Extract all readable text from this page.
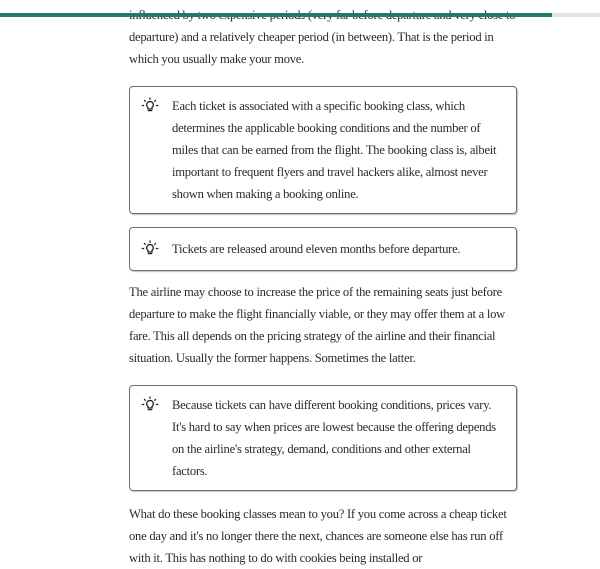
departure) and a relatively cheaper period (in between). That is the period in which you usually make your move.

Each ticket is associated with a specific booking class, which determines the applicable booking conditions and the number of miles that can be earned from the flight. The booking class is, albeit important to frequent flyers and travel hackers alike, almost never shown when making a booking online.
Tickets are released around eleven months before departure.

The airline may choose to increase the price of the remaining seats just before departure to make the flight financially viable, or they may offer them at a low fare. This all depends on the pricing strategy of the airline and their financial situation. Usually the former happens. Sometimes the latter.

Because tickets can have different booking conditions, prices vary. It's hard to say when prices are lowest because the offering depends on the airline's strategy, demand, conditions and other external factors.

What do these booking classes mean to you? If you come across a cheap ticket one day and it's no longer there the next, chances are someone else has run off with it. This has nothing to do with cookies being installed or
